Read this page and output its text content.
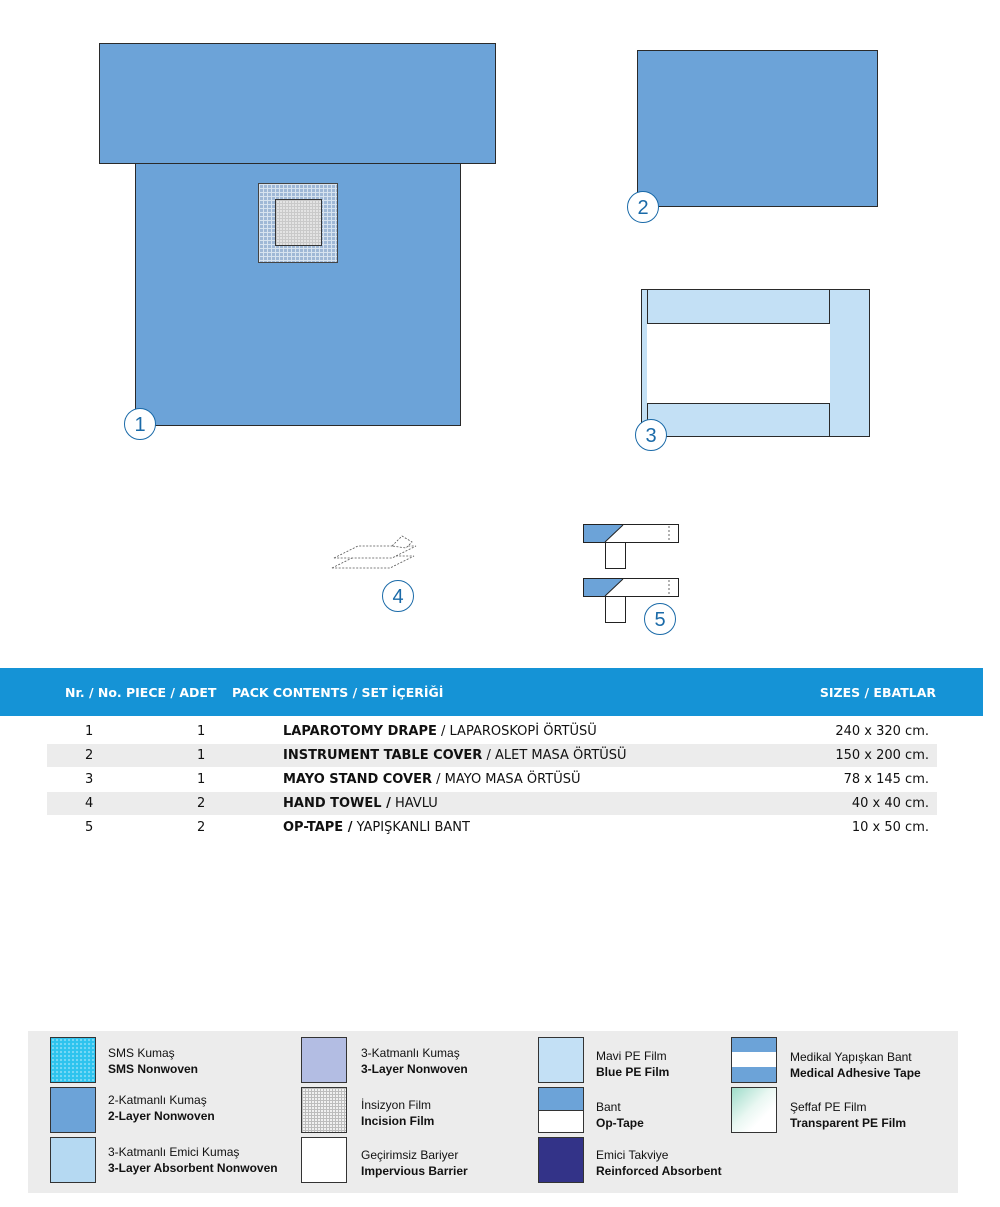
1
2
3
4
5
Nr. / No. PIECE / ADET PACK CONTENTS / SET İÇERİĞİ	SIZES / EBATLAR
1	1	LAPAROTOMY DRAPE / LAPAROSKOPİ ÖRTÜSÜ	240 x 320 cm.
2	1	INSTRUMENT TABLE COVER / ALET MASA ÖRTÜSÜ	150 x 200 cm.
3	1	MAYO STAND COVER / MAYO MASA ÖRTÜSÜ	78 x 145 cm.
4	2	HAND TOWEL / HAVLU	40 x 40 cm.
5	2	OP-TAPE / YAPIŞKANLI BANT	10 x 50 cm.
SMS Kumaş
SMS Nonwoven
2-Katmanlı Kumaş
2-Layer Nonwoven
3-Katmanlı Emici Kumaş
3-Layer Absorbent Nonwoven
3-Katmanlı Kumaş
3-Layer Nonwoven
İnsizyon Film
Incision Film
Geçirimsiz Bariyer
Impervious Barrier
Mavi PE Film
Blue PE Film
Bant
Op-Tape
Emici Takviye
Reinforced Absorbent
Medikal Yapışkan Bant
Medical Adhesive Tape
Şeffaf PE Film
Transparent PE Film
